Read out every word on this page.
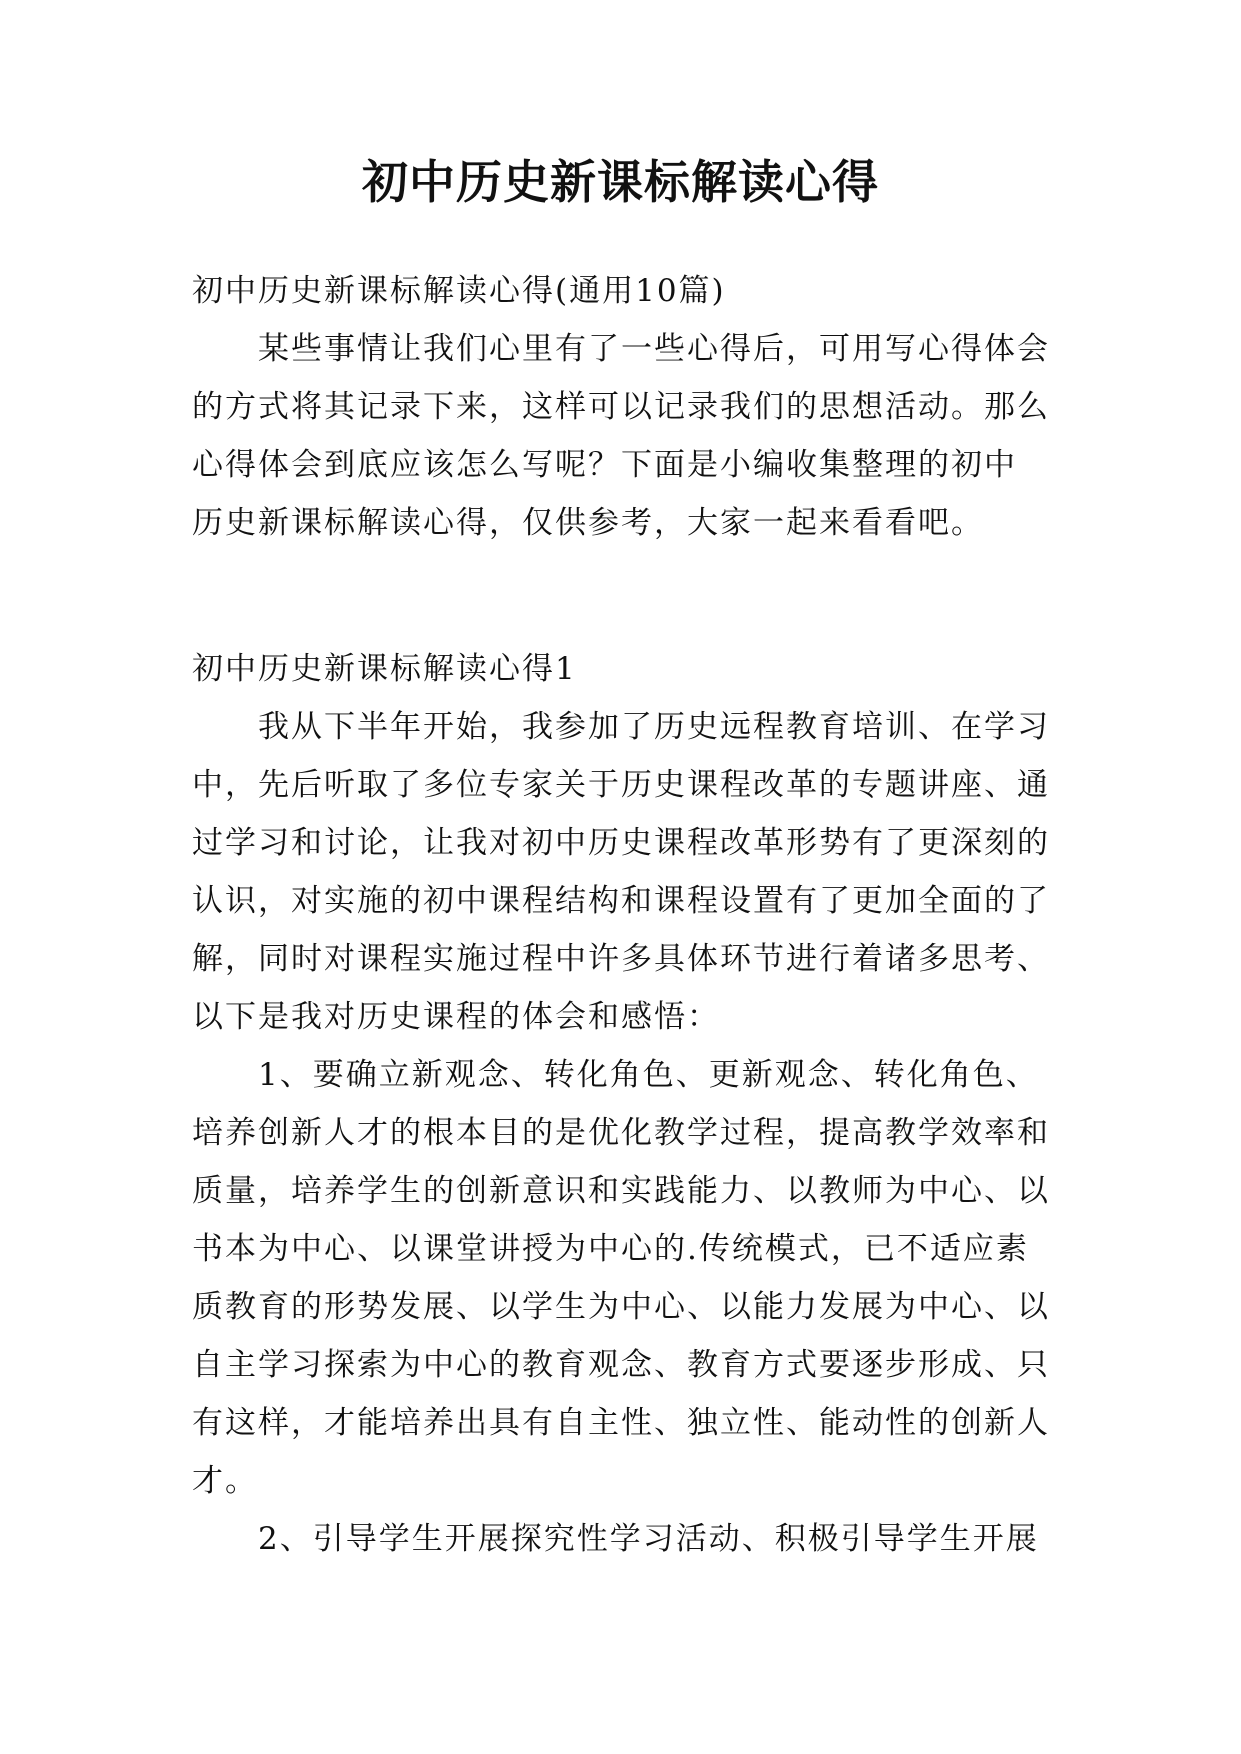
初中历史新课标解读心得

初中历史新课标解读心得(通用10篇)

某些事情让我们心里有了一些心得后，可用写心得体会

的方式将其记录下来，这样可以记录我们的思想活动。那么

心得体会到底应该怎么写呢？下面是小编收集整理的初中

历史新课标解读心得，仅供参考，大家一起来看看吧。

初中历史新课标解读心得1

我从下半年开始，我参加了历史远程教育培训、在学习

中，先后听取了多位专家关于历史课程改革的专题讲座、通

过学习和讨论，让我对初中历史课程改革形势有了更深刻的

认识，对实施的初中课程结构和课程设置有了更加全面的了

解，同时对课程实施过程中许多具体环节进行着诸多思考、

以下是我对历史课程的体会和感悟：

1、要确立新观念、转化角色、更新观念、转化角色、

培养创新人才的根本目的是优化教学过程，提高教学效率和

质量，培养学生的创新意识和实践能力、以教师为中心、以

书本为中心、以课堂讲授为中心的.传统模式，已不适应素

质教育的形势发展、以学生为中心、以能力发展为中心、以

自主学习探索为中心的教育观念、教育方式要逐步形成、只

有这样，才能培养出具有自主性、独立性、能动性的创新人

才。

2、引导学生开展探究性学习活动、积极引导学生开展
